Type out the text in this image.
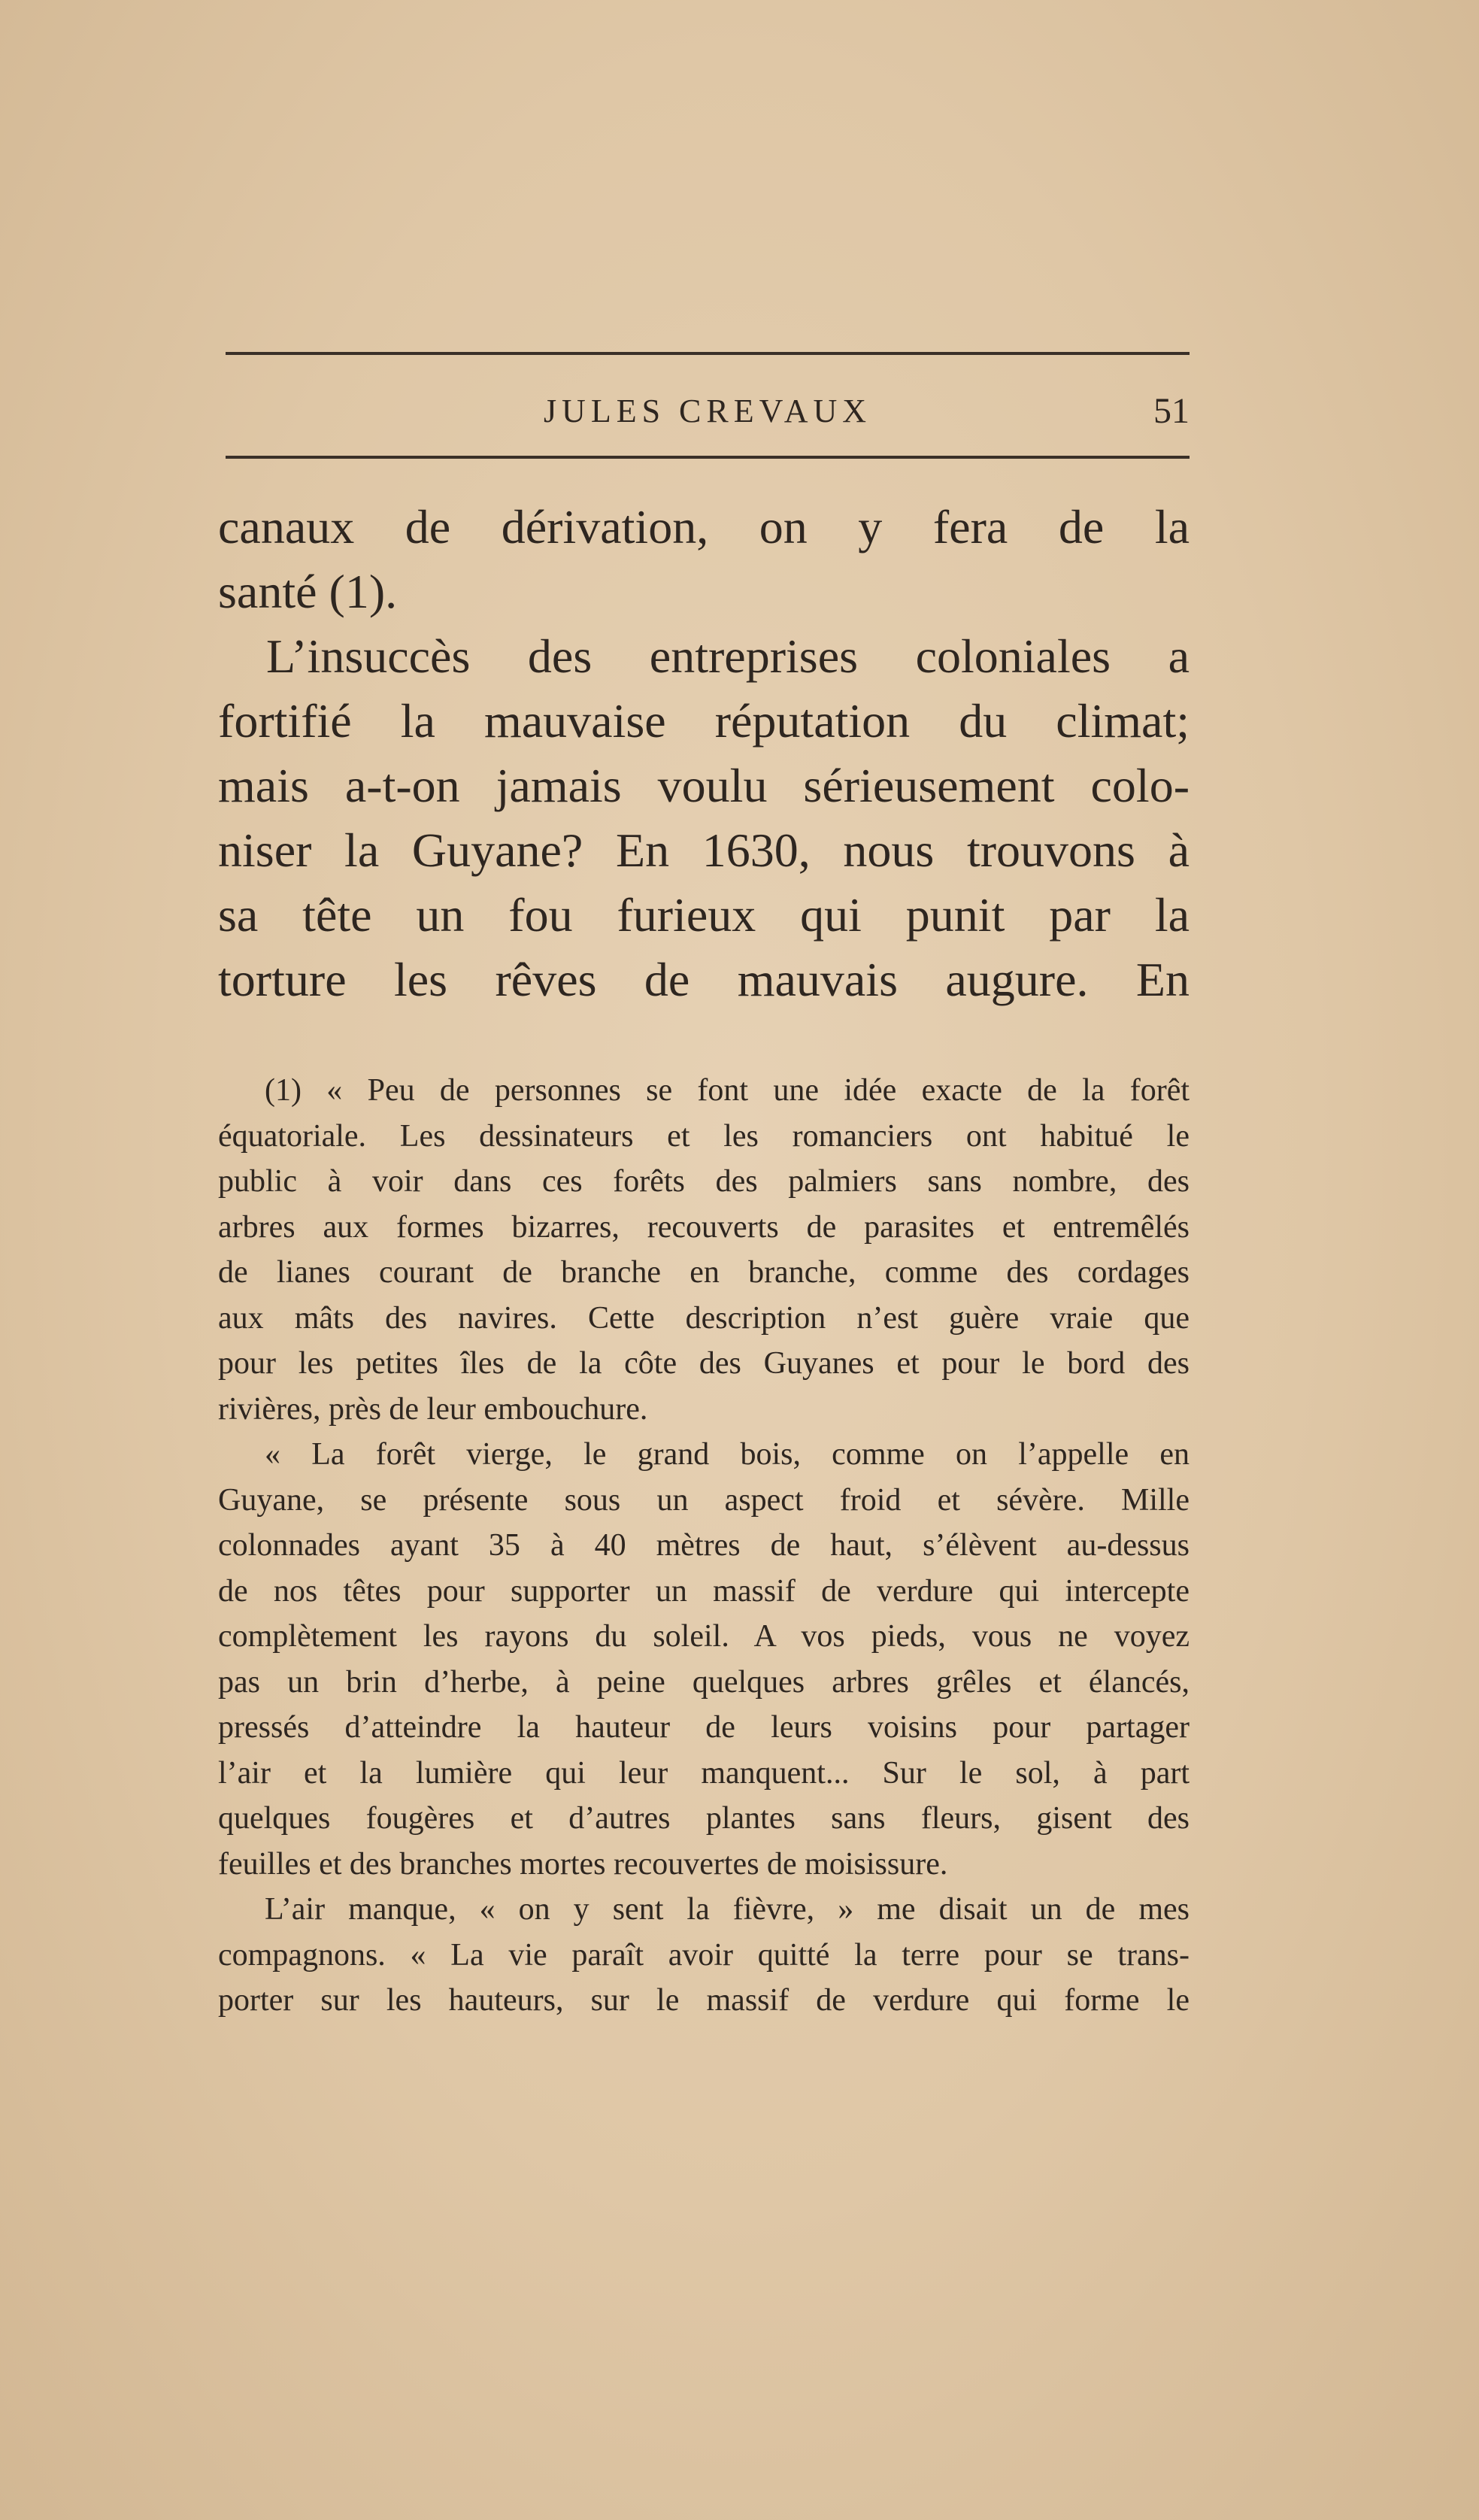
JULES CREVAUX	51
canaux de dérivation, on y fera de la
santé (1).
L’insuccès des entreprises coloniales a
fortifié la mauvaise réputation du climat;
mais a-t-on jamais voulu sérieusement colo-
niser la Guyane? En 1630, nous trouvons à
sa tête un fou furieux qui punit par la
torture les rêves de mauvais augure. En
(1) « Peu de personnes se font une idée exacte de la forêt
équatoriale. Les dessinateurs et les romanciers ont habitué le
public à voir dans ces forêts des palmiers sans nombre, des
arbres aux formes bizarres, recouverts de parasites et entremêlés
de lianes courant de branche en branche, comme des cordages
aux mâts des navires. Cette description n’est guère vraie que
pour les petites îles de la côte des Guyanes et pour le bord des
rivières, près de leur embouchure.
« La forêt vierge, le grand bois, comme on l’appelle en
Guyane, se présente sous un aspect froid et sévère. Mille
colonnades ayant 35 à 40 mètres de haut, s’élèvent au-dessus
de nos têtes pour supporter un massif de verdure qui intercepte
complètement les rayons du soleil. A vos pieds, vous ne voyez
pas un brin d’herbe, à peine quelques arbres grêles et élancés,
pressés d’atteindre la hauteur de leurs voisins pour partager
l’air et la lumière qui leur manquent... Sur le sol, à part
quelques fougères et d’autres plantes sans fleurs, gisent des
feuilles et des branches mortes recouvertes de moisissure.
L’air manque, « on y sent la fièvre, » me disait un de mes
compagnons. « La vie paraît avoir quitté la terre pour se trans-
porter sur les hauteurs, sur le massif de verdure qui forme le
